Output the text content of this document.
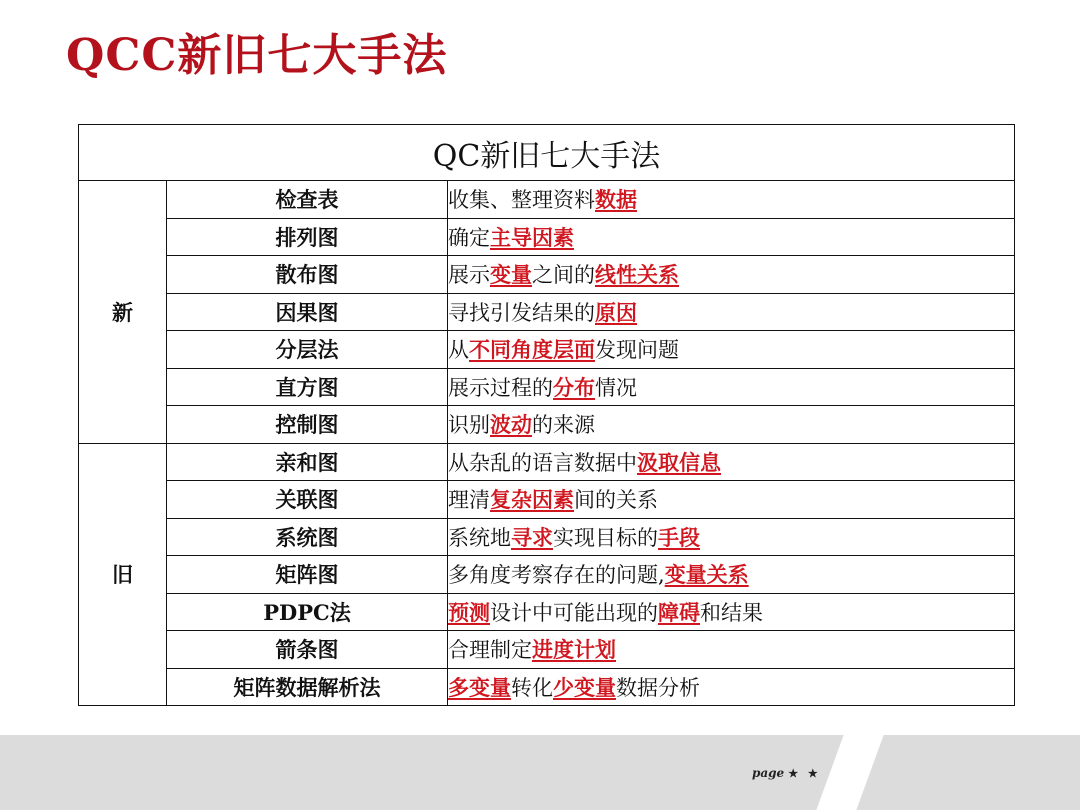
QCC新旧七大手法
QC新旧七大手法		
新	检查表	收集、整理资料数据
	排列图	确定主导因素
	散布图	展示变量之间的线性关系
	因果图	寻找引发结果的原因
	分层法	从不同角度层面发现问题
	直方图	展示过程的分布情况
	控制图	识别波动的来源
旧	亲和图	从杂乱的语言数据中汲取信息
	关联图	理清复杂因素间的关系
	系统图	系统地寻求实现目标的手段
	矩阵图	多角度考察存在的问题,变量关系
	PDPC法	预测设计中可能出现的障碍和结果
	箭条图	合理制定进度计划
	矩阵数据解析法	多变量转化少变量数据分析
page ★ ★
